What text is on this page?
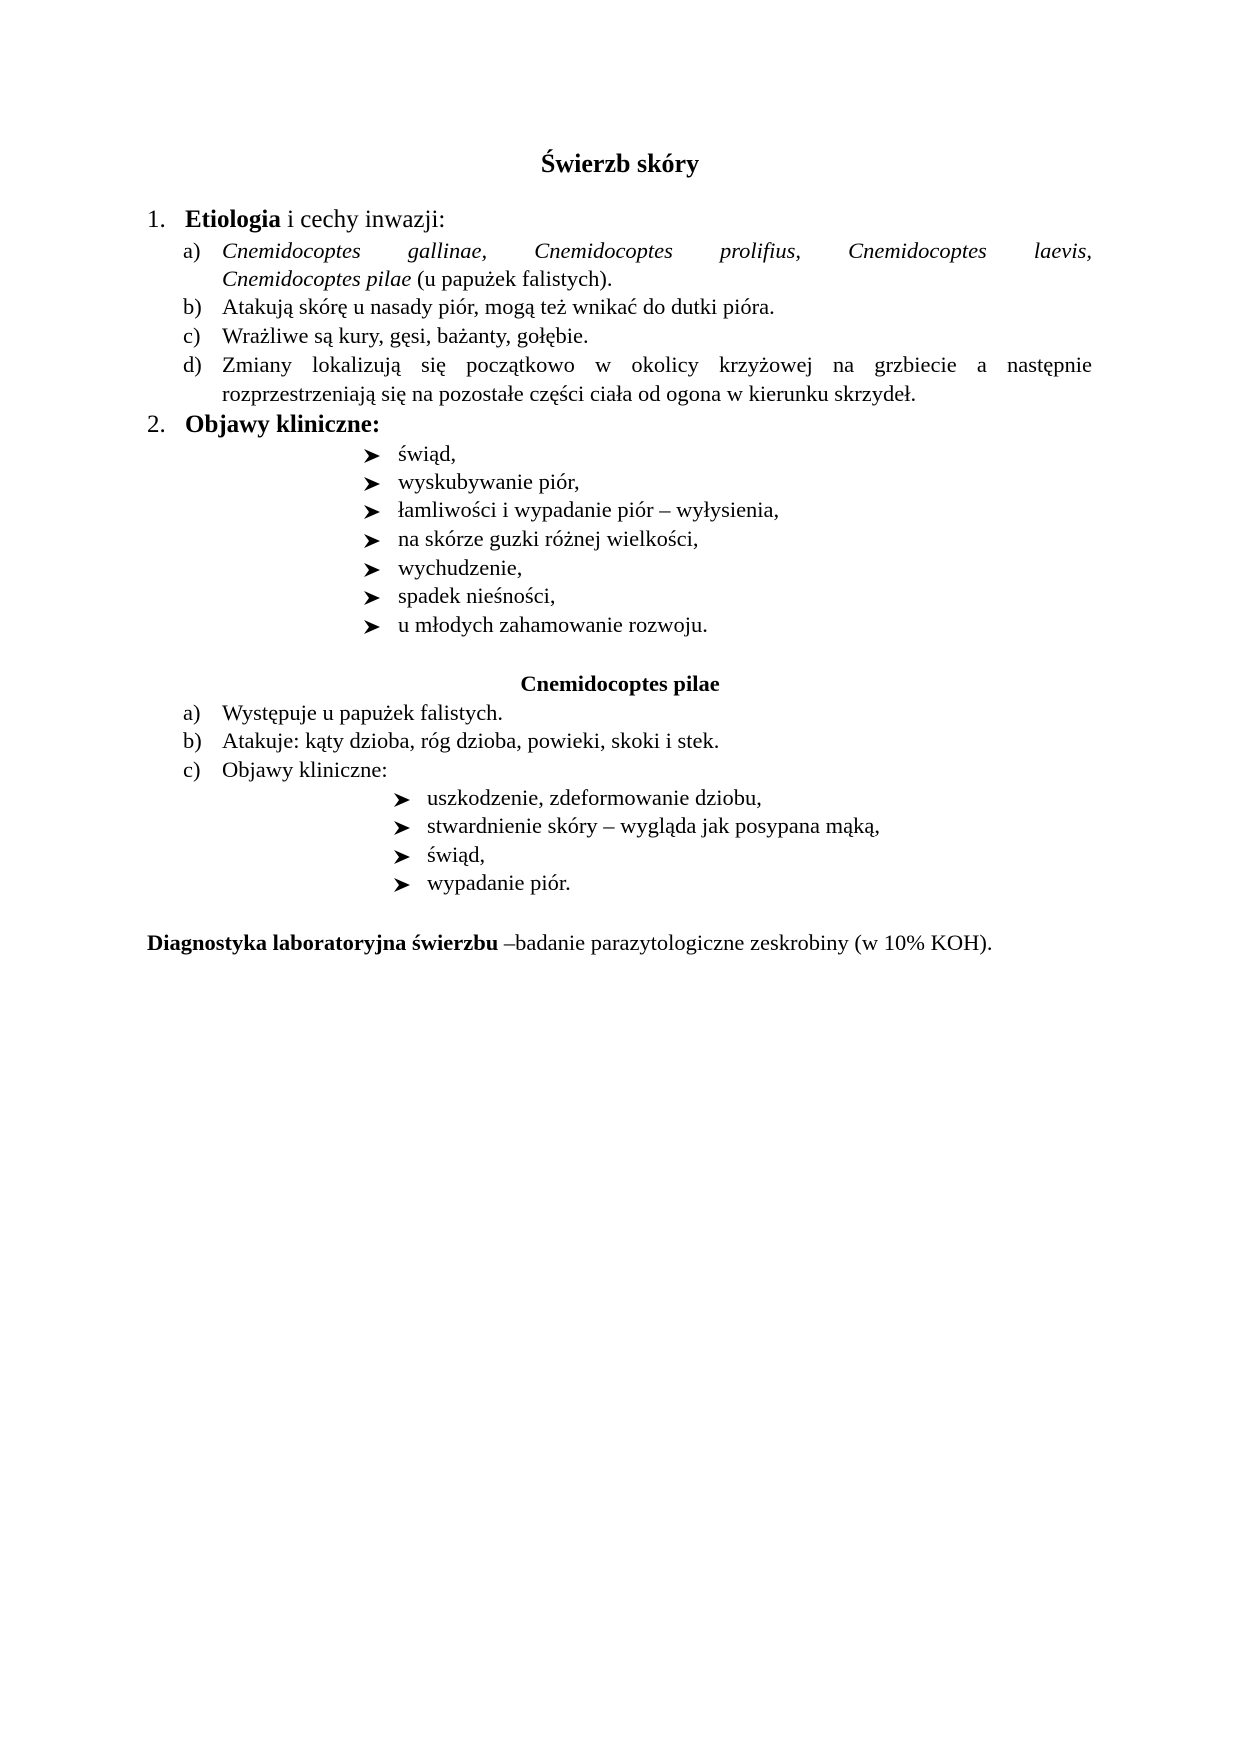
Świerzb skóry
1. Etiologia i cechy inwazji:
a) Cnemidocoptes gallinae, Cnemidocoptes prolifius, Cnemidocoptes laevis,
Cnemidocoptes pilae (u papużek falistych).
b) Atakują skórę u nasady piór, mogą też wnikać do dutki pióra.
c) Wrażliwe są kury, gęsi, bażanty, gołębie.
d) Zmiany lokalizują się początkowo w okolicy krzyżowej na grzbiecie a następnie
rozprzestrzeniają się na pozostałe części ciała od ogona w kierunku skrzydeł.
2. Objawy kliniczne:
świąd,
wyskubywanie piór,
łamliwości i wypadanie piór – wyłysienia,
na skórze guzki różnej wielkości,
wychudzenie,
spadek nieśności,
u młodych zahamowanie rozwoju.
Cnemidocoptes pilae
a) Występuje u papużek falistych.
b) Atakuje: kąty dzioba, róg dzioba, powieki, skoki i stek.
c) Objawy kliniczne:
uszkodzenie, zdeformowanie dziobu,
stwardnienie skóry – wygląda jak posypana mąką,
świąd,
wypadanie piór.
Diagnostyka laboratoryjna świerzbu –badanie parazytologiczne zeskrobiny (w 10% KOH).
